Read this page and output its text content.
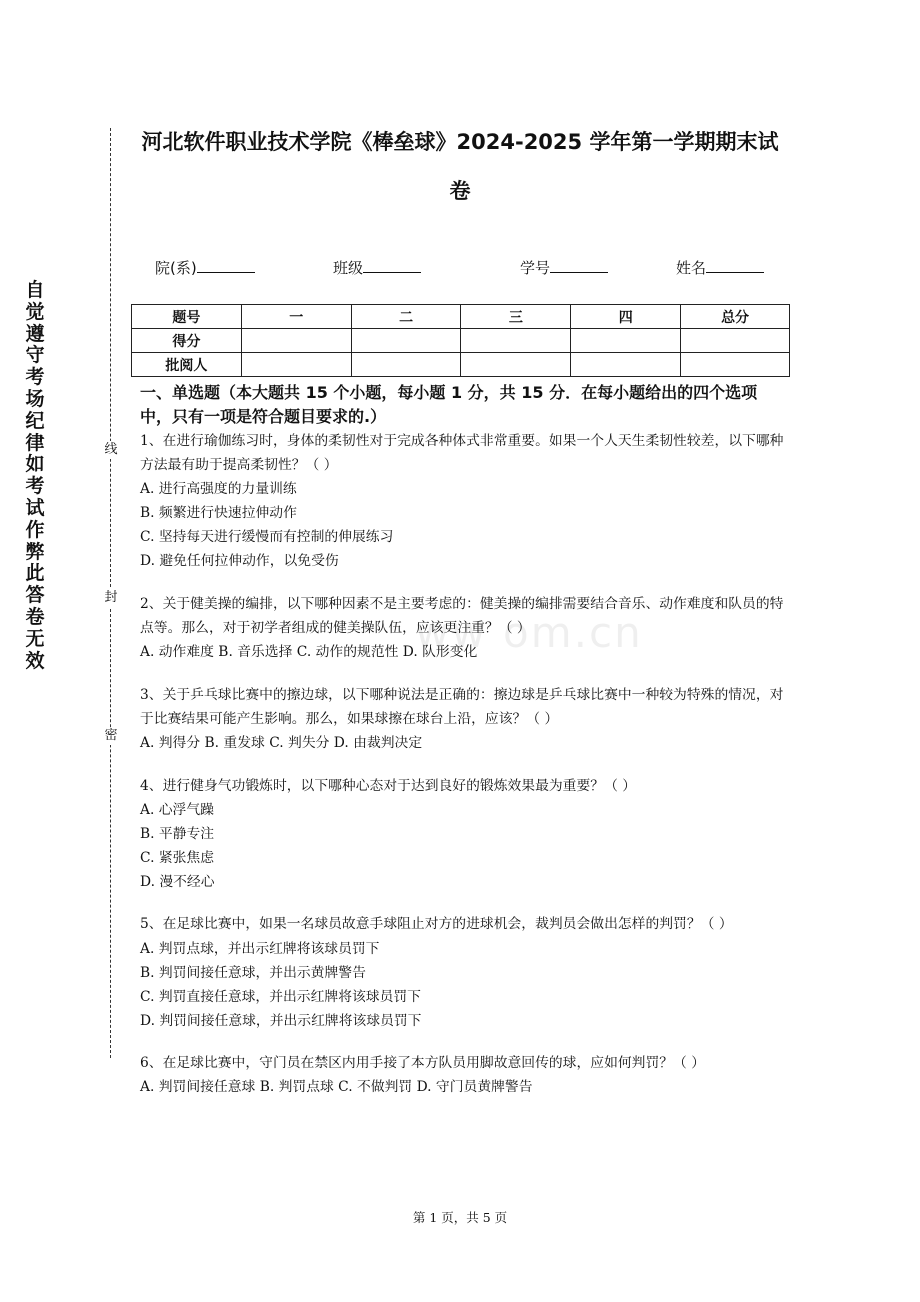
自觉遵守考场纪律如考试作弊此答卷无效
线
封
密
河北软件职业技术学院《棒垒球》2024-2025 学年第一学期期末试卷
院(系)	班级	学号	姓名
题号	一	二	三	四	总分
得分					
批阅人					

一、单选题（本大题共 15 个小题，每小题 1 分，共 15 分．在每小题给出的四个选项中，只有一项是符合题目要求的.）

ww om.cn

1、在进行瑜伽练习时，身体的柔韧性对于完成各种体式非常重要。如果一个人天生柔韧性较差，以下哪种方法最有助于提高柔韧性？（ ）

A. 进行高强度的力量训练

B. 频繁进行快速拉伸动作

C. 坚持每天进行缓慢而有控制的伸展练习

D. 避免任何拉伸动作，以免受伤

2、关于健美操的编排，以下哪种因素不是主要考虑的：健美操的编排需要结合音乐、动作难度和队员的特点等。那么，对于初学者组成的健美操队伍，应该更注重？（ ）

A. 动作难度 B. 音乐选择 C. 动作的规范性 D. 队形变化

3、关于乒乓球比赛中的擦边球，以下哪种说法是正确的：擦边球是乒乓球比赛中一种较为特殊的情况，对于比赛结果可能产生影响。那么，如果球擦在球台上沿，应该？（ ）

A. 判得分 B. 重发球 C. 判失分 D. 由裁判决定

4、进行健身气功锻炼时，以下哪种心态对于达到良好的锻炼效果最为重要？（ ）

A. 心浮气躁

B. 平静专注

C. 紧张焦虑

D. 漫不经心

5、在足球比赛中，如果一名球员故意手球阻止对方的进球机会，裁判员会做出怎样的判罚？（ ）

A. 判罚点球，并出示红牌将该球员罚下

B. 判罚间接任意球，并出示黄牌警告

C. 判罚直接任意球，并出示红牌将该球员罚下

D. 判罚间接任意球，并出示红牌将该球员罚下

6、在足球比赛中，守门员在禁区内用手接了本方队员用脚故意回传的球，应如何判罚？（ ）

A. 判罚间接任意球 B. 判罚点球 C. 不做判罚 D. 守门员黄牌警告

第 1 页，共 5 页
